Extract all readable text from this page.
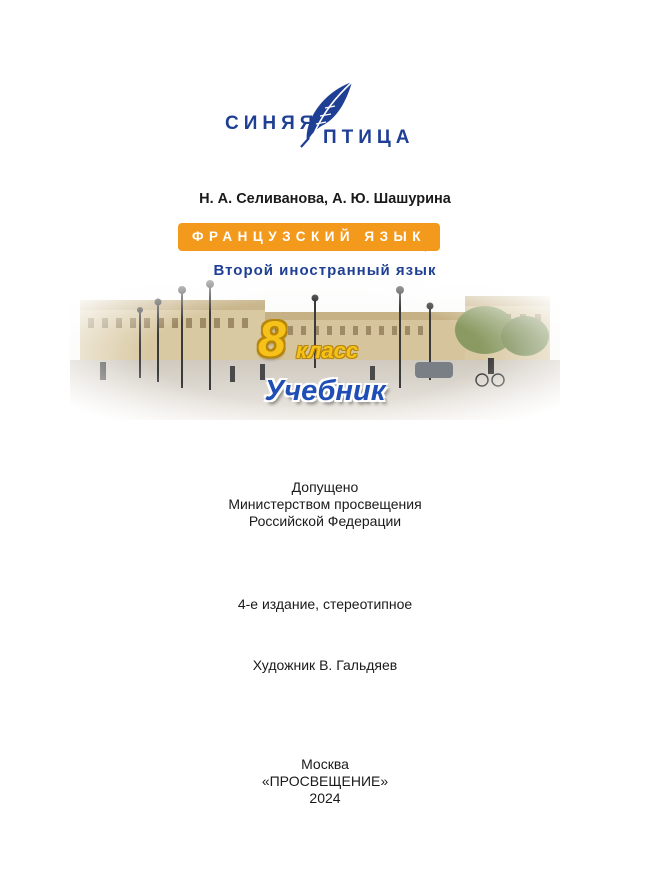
СИНЯЯ
ПТИЦА
Н. А. Селиванова, А. Ю. Шашурина
ФРАНЦУЗСКИЙ ЯЗЫК
Второй иностранный язык
8 класс
Учебник
Допущено
Министерством просвещения
Российской Федерации
4-е издание, стереотипное
Художник В. Гальдяев
Москва
«ПРОСВЕЩЕНИЕ»
2024
